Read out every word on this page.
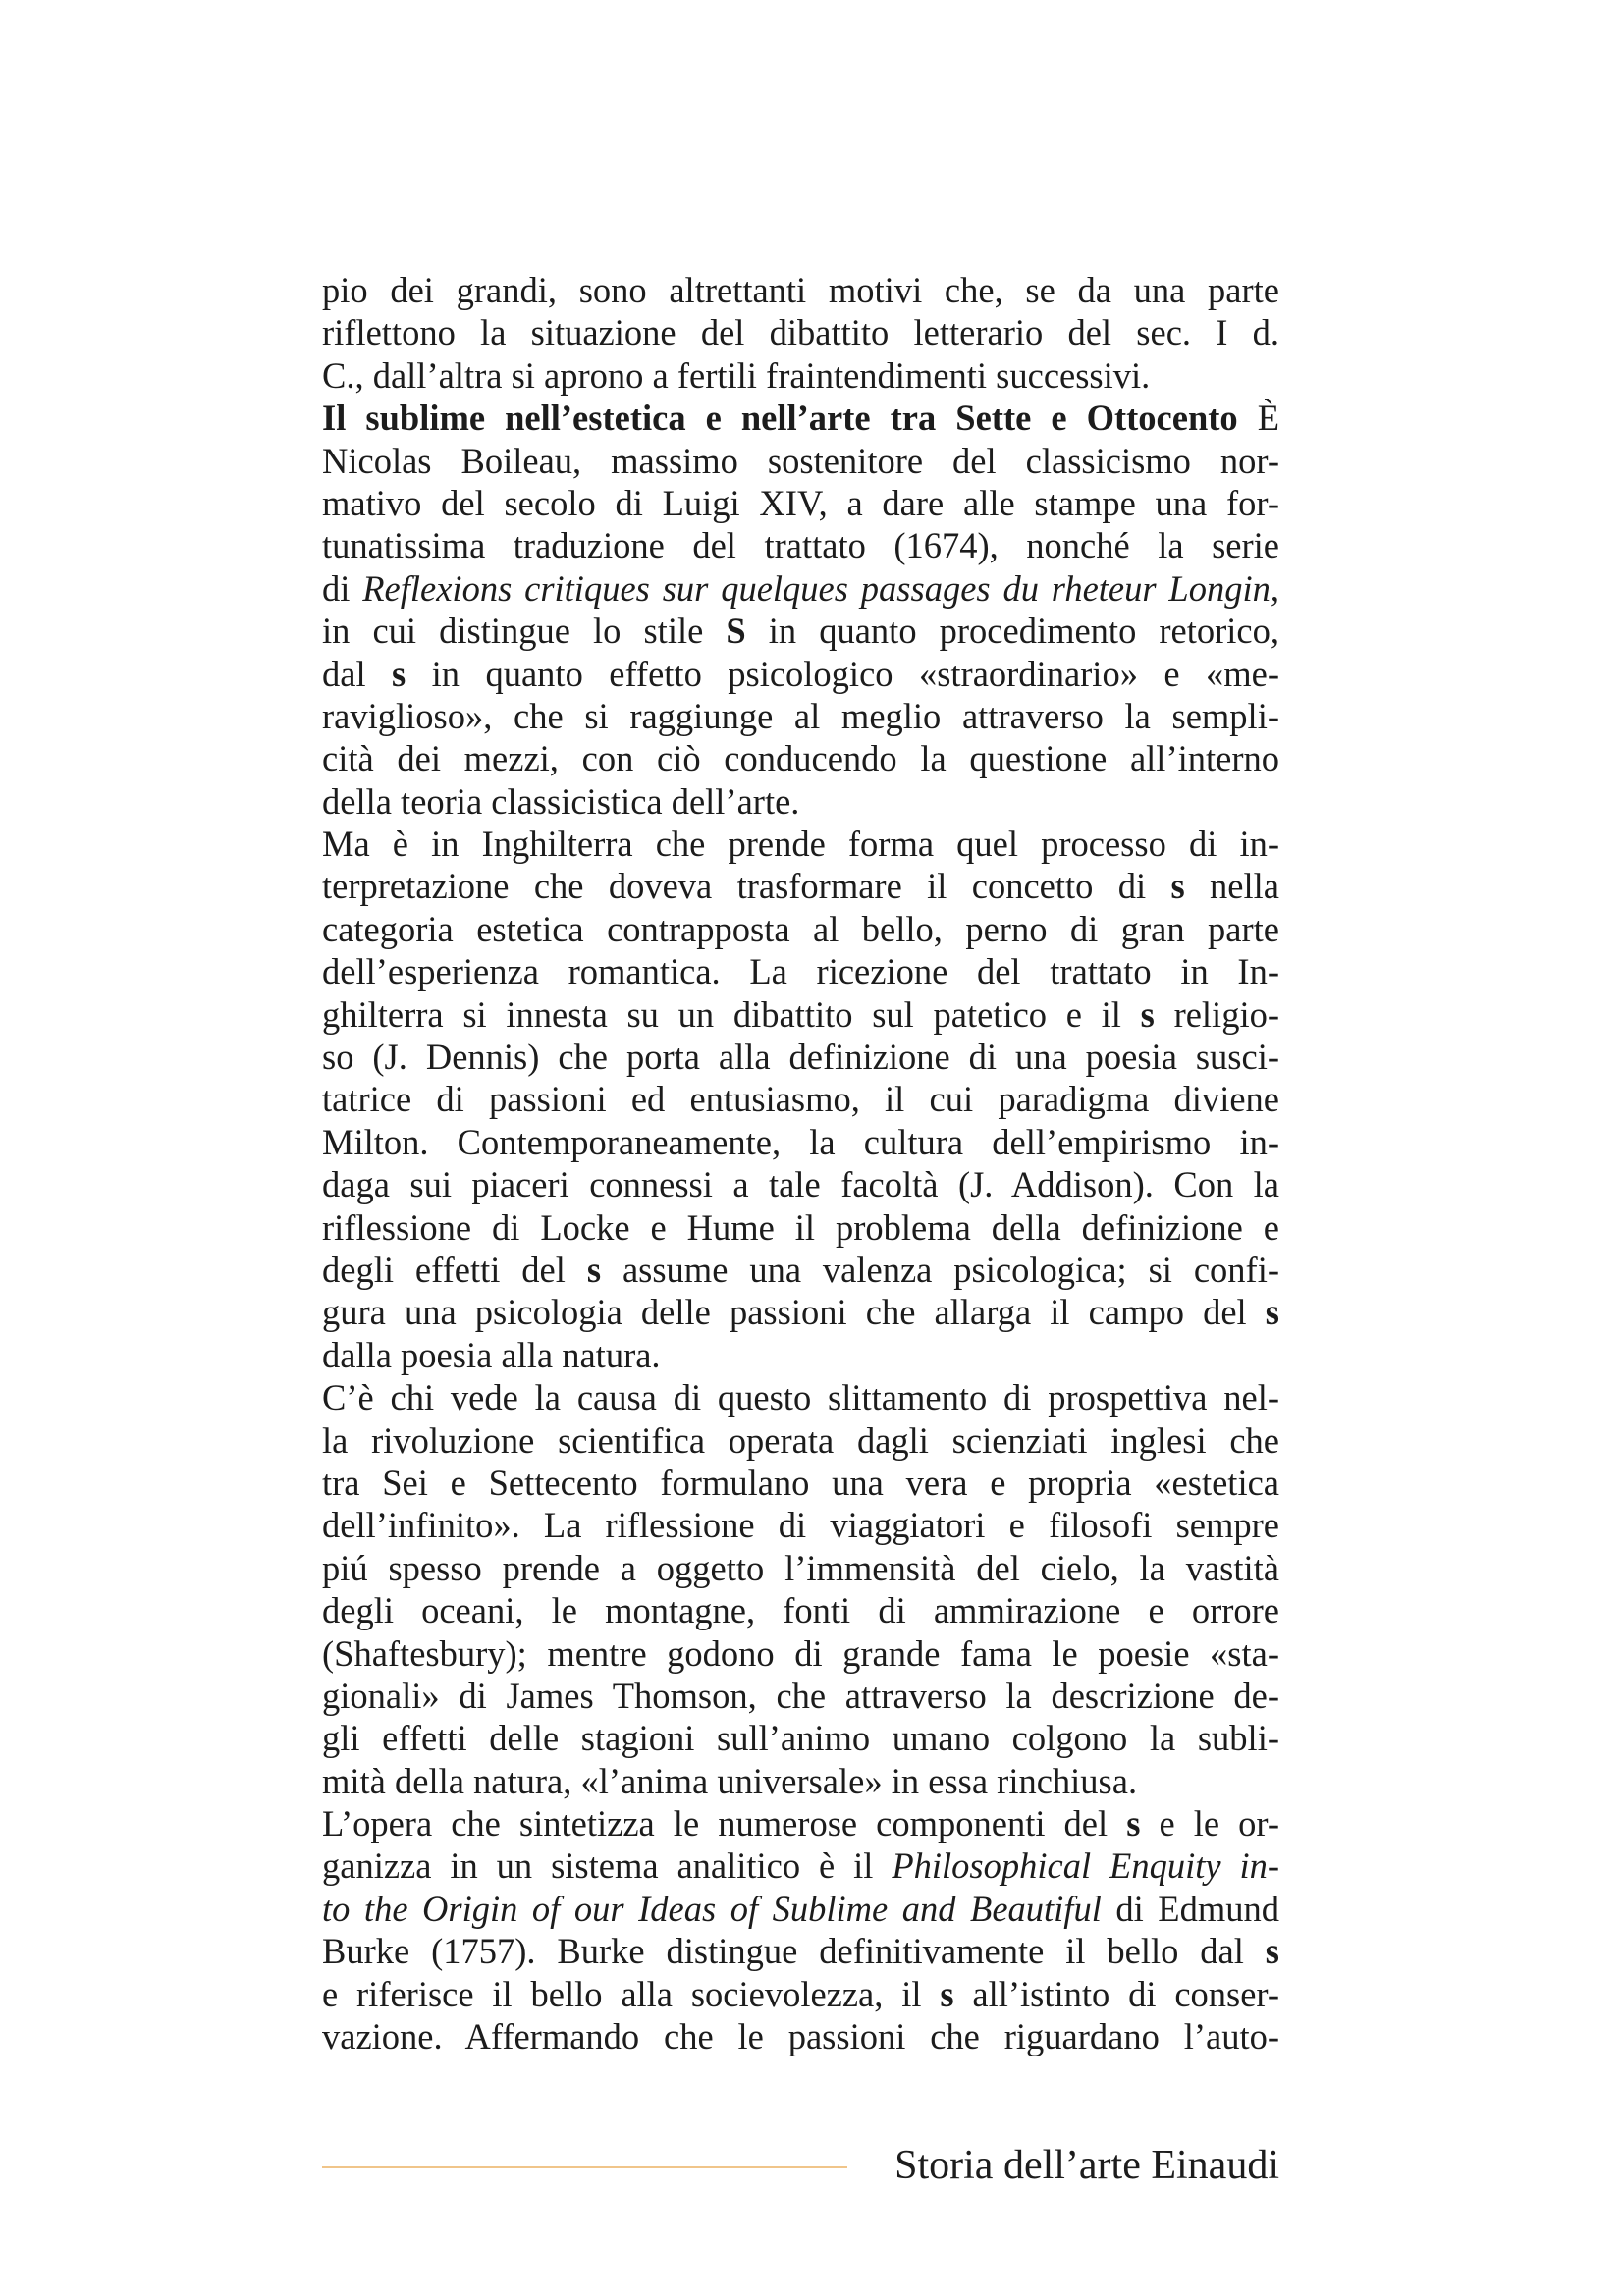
pio dei grandi, sono altrettanti motivi che, se da una parte
riflettono la situazione del dibattito letterario del sec. I d.
C., dall’altra si aprono a fertili fraintendimenti successivi.
Il sublime nell’estetica e nell’arte tra Sette e Ottocento È
Nicolas Boileau, massimo sostenitore del classicismo nor-
mativo del secolo di Luigi XIV, a dare alle stampe una for-
tunatissima traduzione del trattato (1674), nonché la serie
di Reflexions critiques sur quelques passages du rheteur Longin,
in cui distingue lo stile S in quanto procedimento retorico,
dal s in quanto effetto psicologico «straordinario» e «me-
raviglioso», che si raggiunge al meglio attraverso la sempli-
cità dei mezzi, con ciò conducendo la questione all’interno
della teoria classicistica dell’arte.
Ma è in Inghilterra che prende forma quel processo di in-
terpretazione che doveva trasformare il concetto di s nella
categoria estetica contrapposta al bello, perno di gran parte
dell’esperienza romantica. La ricezione del trattato in In-
ghilterra si innesta su un dibattito sul patetico e il s religio-
so (J. Dennis) che porta alla definizione di una poesia susci-
tatrice di passioni ed entusiasmo, il cui paradigma diviene
Milton. Contemporaneamente, la cultura dell’empirismo in-
daga sui piaceri connessi a tale facoltà (J. Addison). Con la
riflessione di Locke e Hume il problema della definizione e
degli effetti del s assume una valenza psicologica; si confi-
gura una psicologia delle passioni che allarga il campo del s
dalla poesia alla natura.
C’è chi vede la causa di questo slittamento di prospettiva nel-
la rivoluzione scientifica operata dagli scienziati inglesi che
tra Sei e Settecento formulano una vera e propria «estetica
dell’infinito». La riflessione di viaggiatori e filosofi sempre
piú spesso prende a oggetto l’immensità del cielo, la vastità
degli oceani, le montagne, fonti di ammirazione e orrore
(Shaftesbury); mentre godono di grande fama le poesie «sta-
gionali» di James Thomson, che attraverso la descrizione de-
gli effetti delle stagioni sull’animo umano colgono la subli-
mità della natura, «l’anima universale» in essa rinchiusa.
L’opera che sintetizza le numerose componenti del s e le or-
ganizza in un sistema analitico è il Philosophical Enquity in-
to the Origin of our Ideas of Sublime and Beautiful di Edmund
Burke (1757). Burke distingue definitivamente il bello dal s
e riferisce il bello alla socievolezza, il s all’istinto di conser-
vazione. Affermando che le passioni che riguardano l’auto-
Storia dell’arte Einaudi
